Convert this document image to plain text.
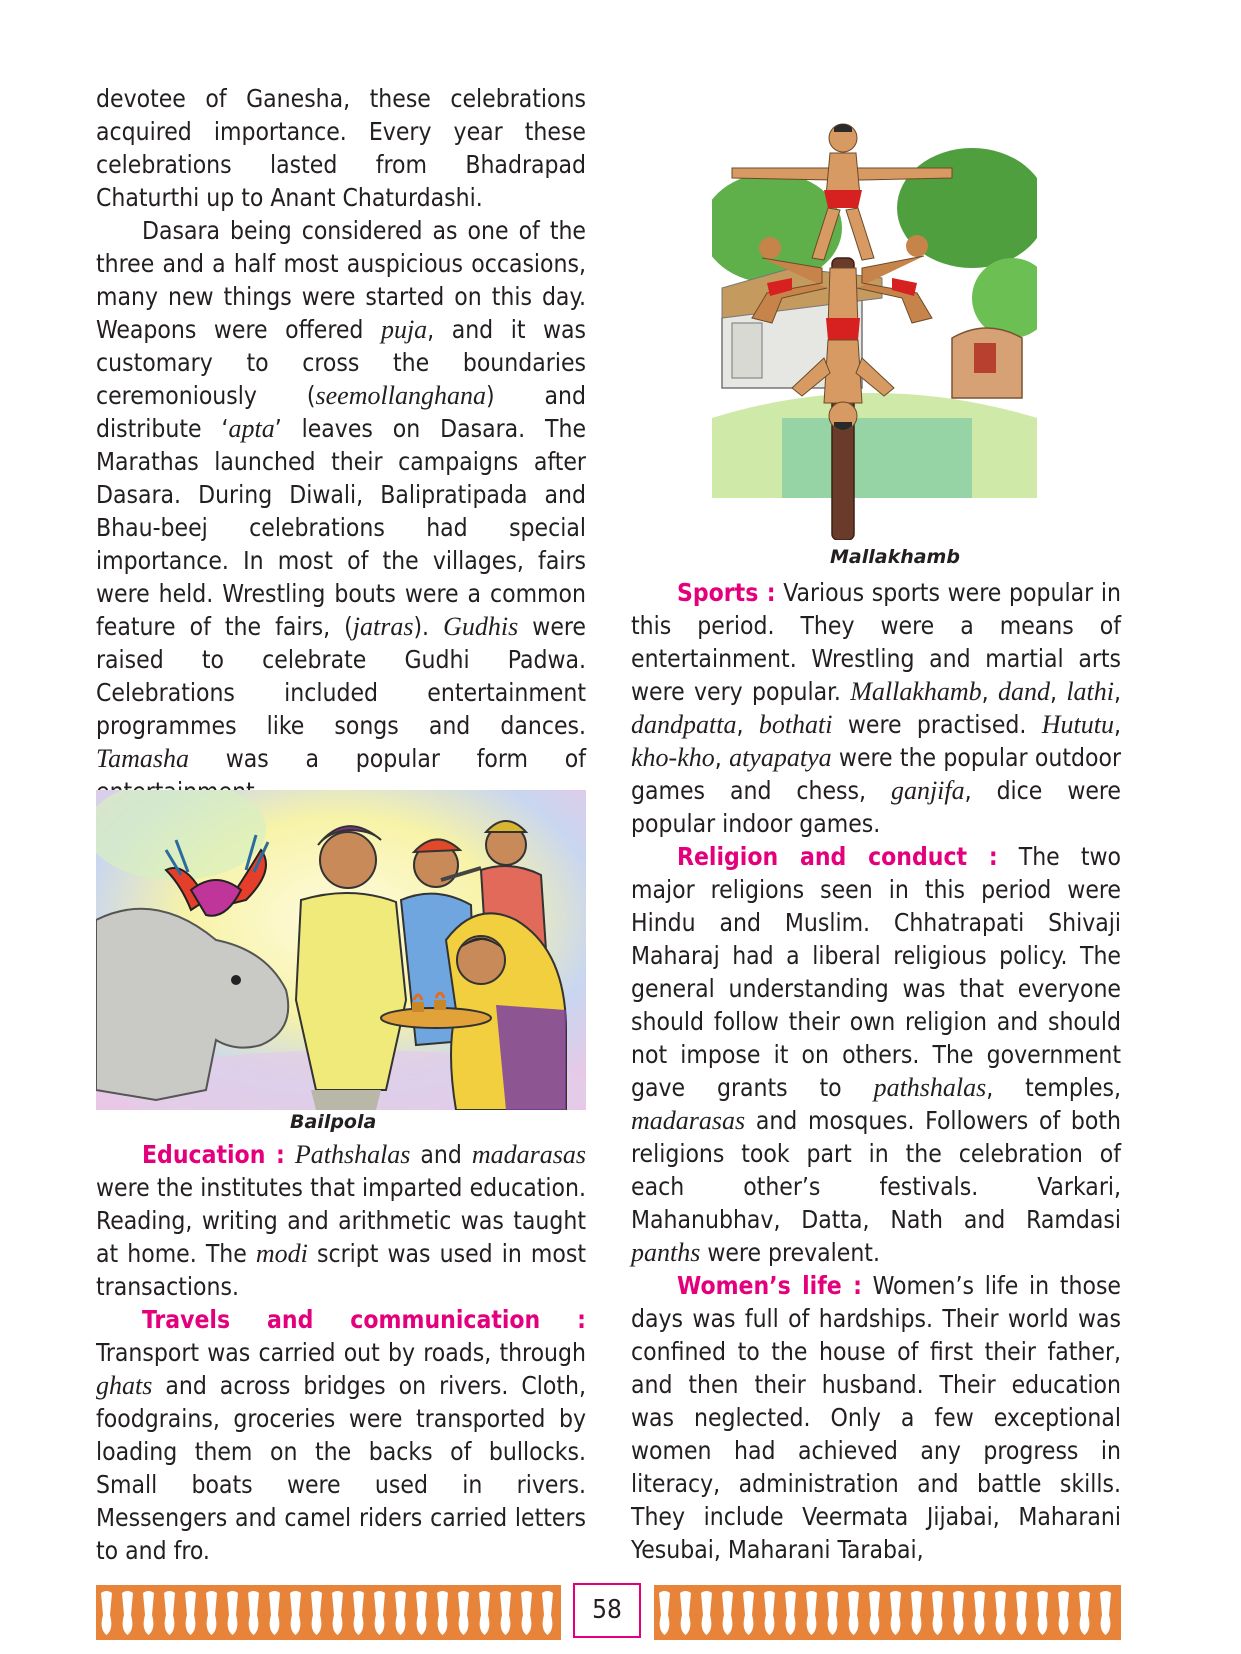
devotee of Ganesha, these celebrations acquired importance. Every year these celebrations lasted from Bhadrapad Chaturthi up to Anant Chaturdashi.

Dasara being considered as one of the three and a half most auspicious occasions, many new things were started on this day. Weapons were offered puja, and it was customary to cross the boundaries ceremoniously (seemollanghana) and distribute ‘apta’ leaves on Dasara. The Marathas launched their campaigns after Dasara. During Diwali, Balipratipada and Bhau-beej celebrations had special importance. In most of the villages, fairs were held. Wrestling bouts were a common feature of the fairs, (jatras). Gudhis were raised to celebrate Gudhi Padwa. Celebrations included entertainment programmes like songs and dances. Tamasha was a popular form of

Bailpola

Education : Pathshalas and madarasas were the institutes that imparted education. Reading, writing and arithmetic was taught at home. The modi script was used in most transactions.

Travels and communication : Transport was carried out by roads, through ghats and across bridges on rivers. Cloth, foodgrains, groceries were transported by loading them on the backs of bullocks. Small boats were used in rivers. Messengers and camel riders carried letters to and fro.

Mallakhamb

Sports : Various sports were popular in this period. They were a means of entertainment. Wrestling and martial arts were very popular. Mallakhamb, dand, lathi, dandpatta, bothati were practised. Hututu, kho-kho, atyapatya were the popular outdoor games and chess, ganjifa, dice were popular indoor games.

Religion and conduct : The two major religions seen in this period were Hindu and Muslim. Chhatrapati Shivaji Maharaj had a liberal religious policy. The general understanding was that everyone should follow their own religion and should not impose it on others. The government gave grants to pathshalas, temples, madarasas and mosques. Followers of both religions took part in the celebration of each other’s festivals. Varkari, Mahanubhav, Datta, Nath and Ramdasi panths were prevalent.

Women’s life : Women’s life in those days was full of hardships. Their world was confined to the house of first their father, and then their husband. Their education was neglected. Only a few exceptional women had achieved any progress in literacy, administration and battle skills. They include Veermata Jijabai, Maharani Yesubai, Maharani Tarabai,

58
